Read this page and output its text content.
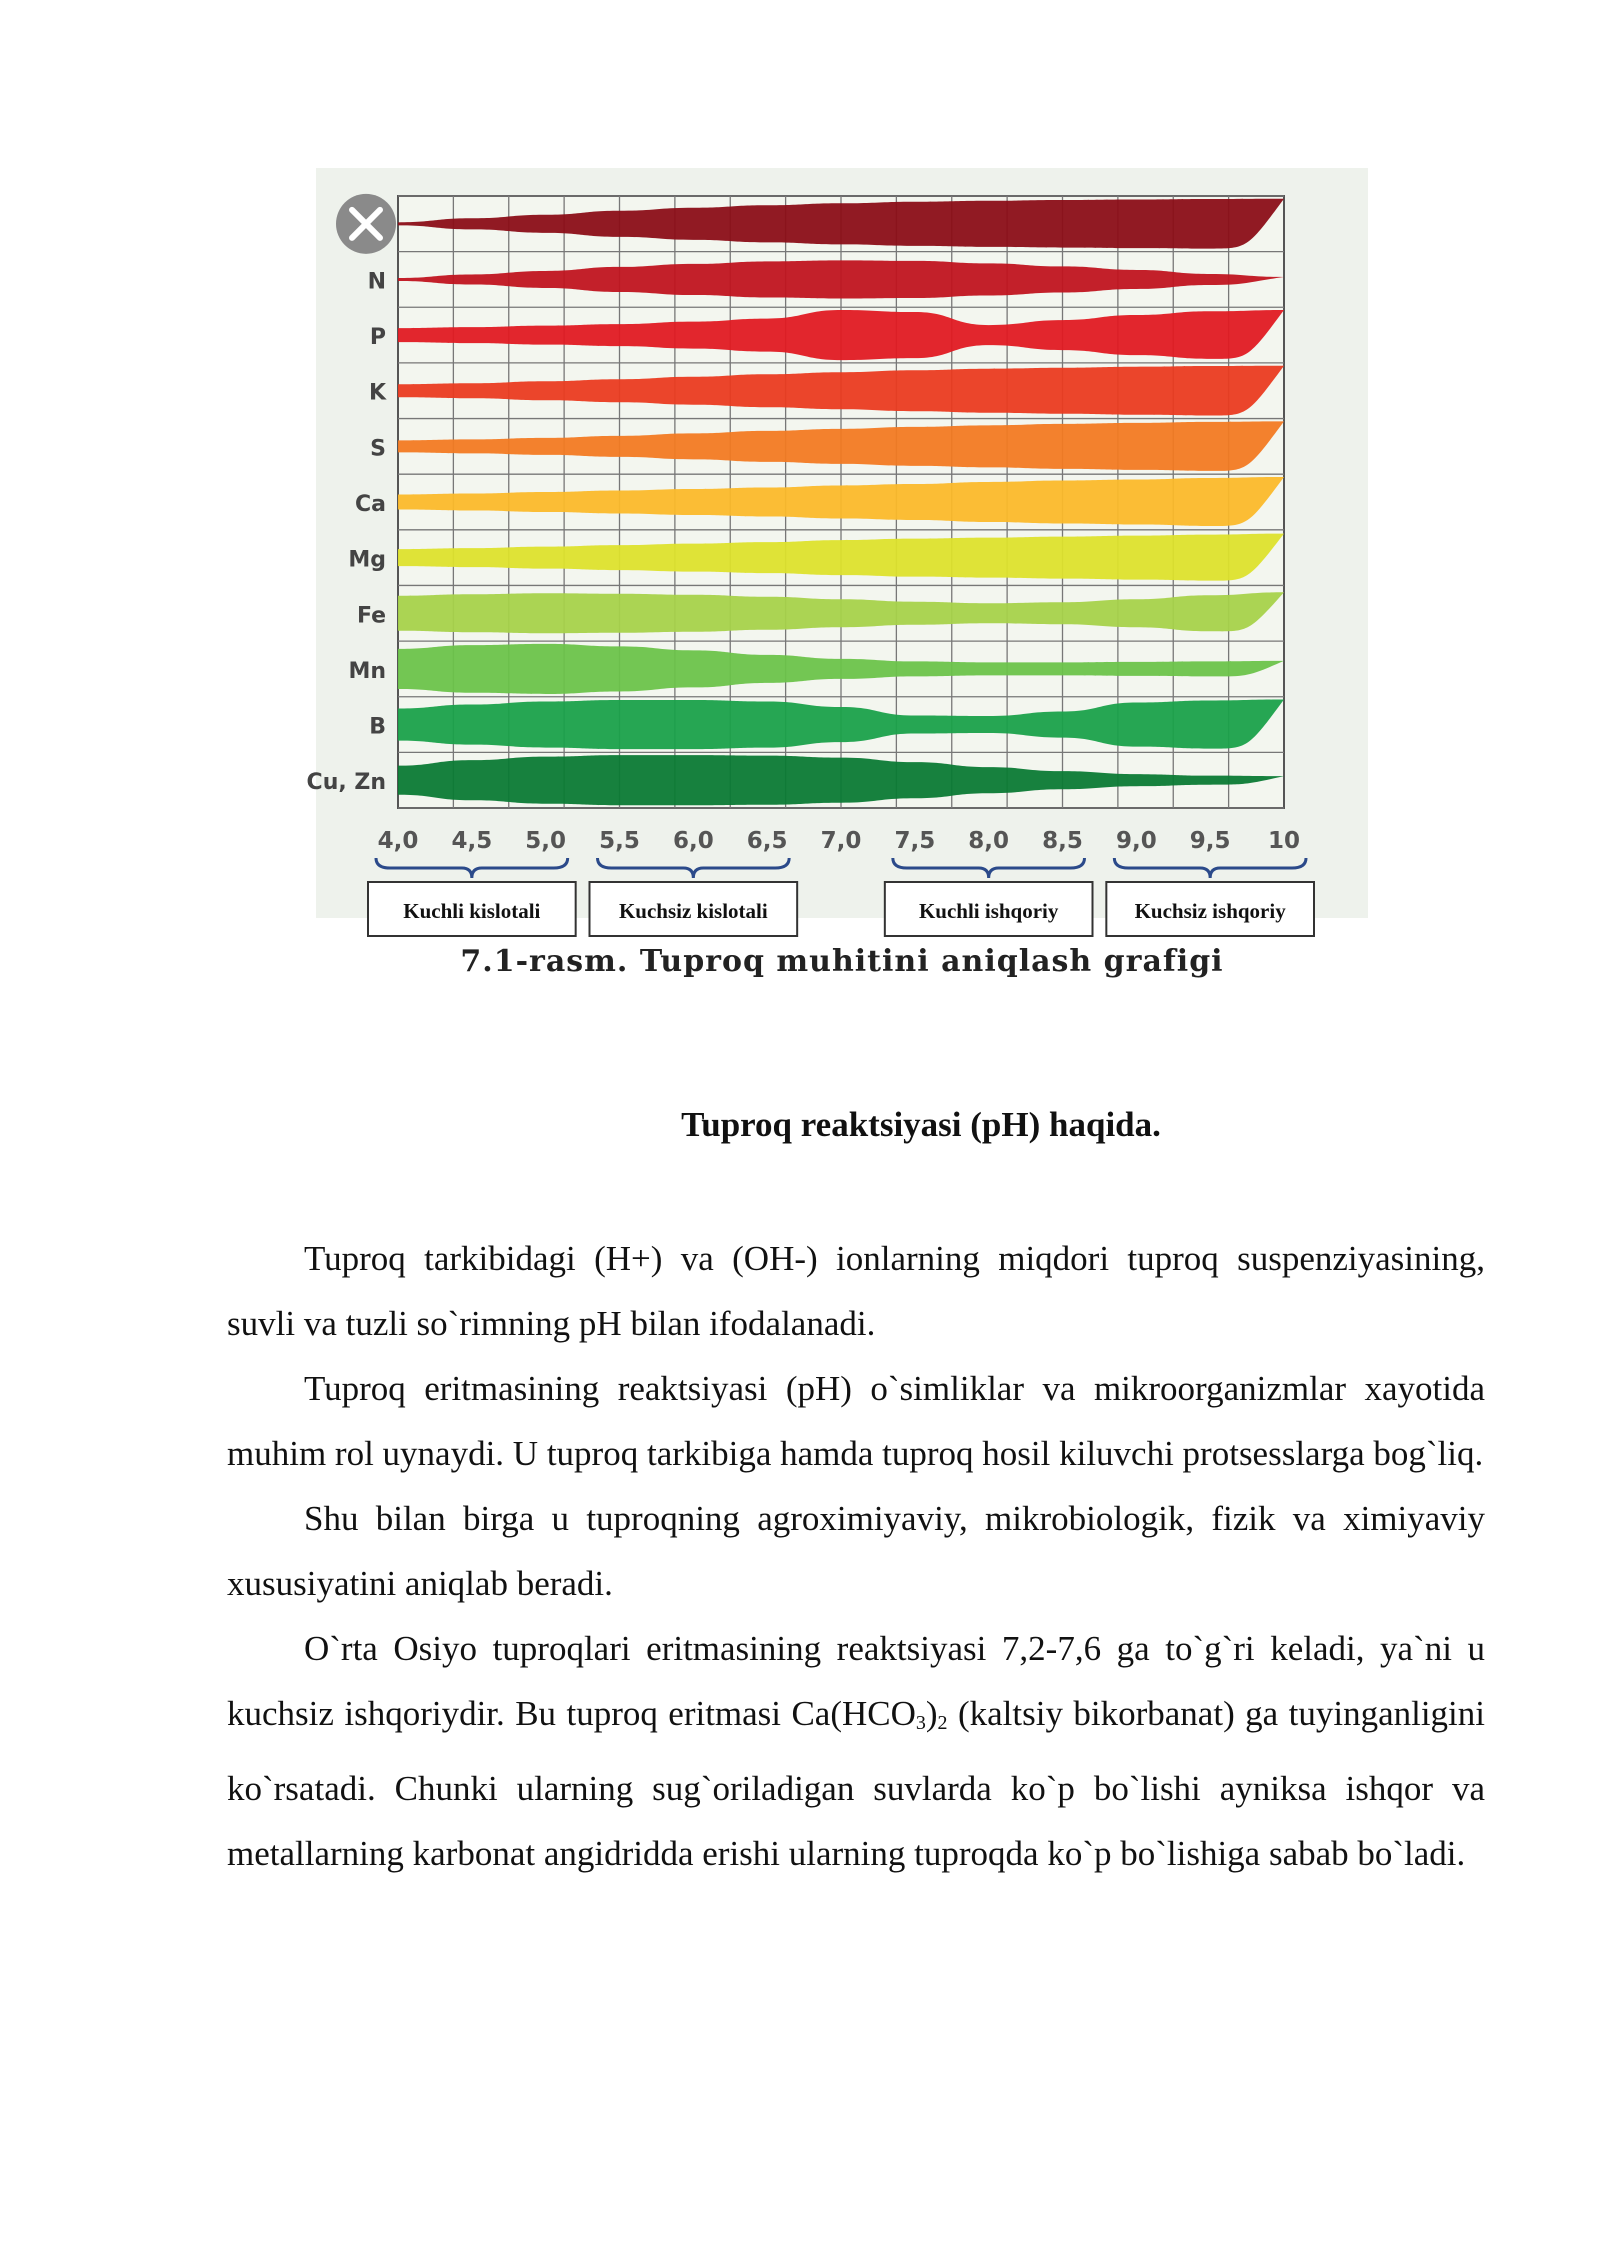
N
P
K
S
Ca
Mg
Fe
Mn
B
Cu, Zn
4,0 4,5 5,0 5,5 6,0 6,5 7,0 7,5 8,0 8,5 9,0 9,5 10
Kuchli kislotali	Kuchsiz kislotali	Kuchli ishqoriy	Kuchsiz ishqoriy
7.1-rasm. Tuproq muhitini aniqlash grafigi
Tuproq reaktsiyasi (pH) haqida.

Tuproq tarkibidagi (H+) va (OH-) ionlarning miqdori tuproq suspenziyasining, suvli va tuzli so`rimning pH bilan ifodalanadi.

Tuproq eritmasining reaktsiyasi (pH) o`simliklar va mikroorganizmlar xayotida muhim rol uynaydi. U tuproq tarkibiga hamda tuproq hosil kiluvchi protsesslarga bog`liq.

Shu bilan birga u tuproqning agroximiyaviy, mikrobiologik, fizik va ximiyaviy xususiyatini aniqlab beradi.

O`rta Osiyo tuproqlari eritmasining reaktsiyasi 7,2-7,6 ga to`g`ri keladi, ya`ni u kuchsiz ishqoriydir. Bu tuproq eritmasi $Ca(HCO_3)_2$ (kaltsiy bikorbanat) ga tuyinganligini ko`rsatadi. Chunki ularning sug`oriladigan suvlarda ko`p bo`lishi ayniksa ishqor va metallarning karbonat angidridda erishi ularning tuproqda ko`p bo`lishiga sabab bo`ladi.
